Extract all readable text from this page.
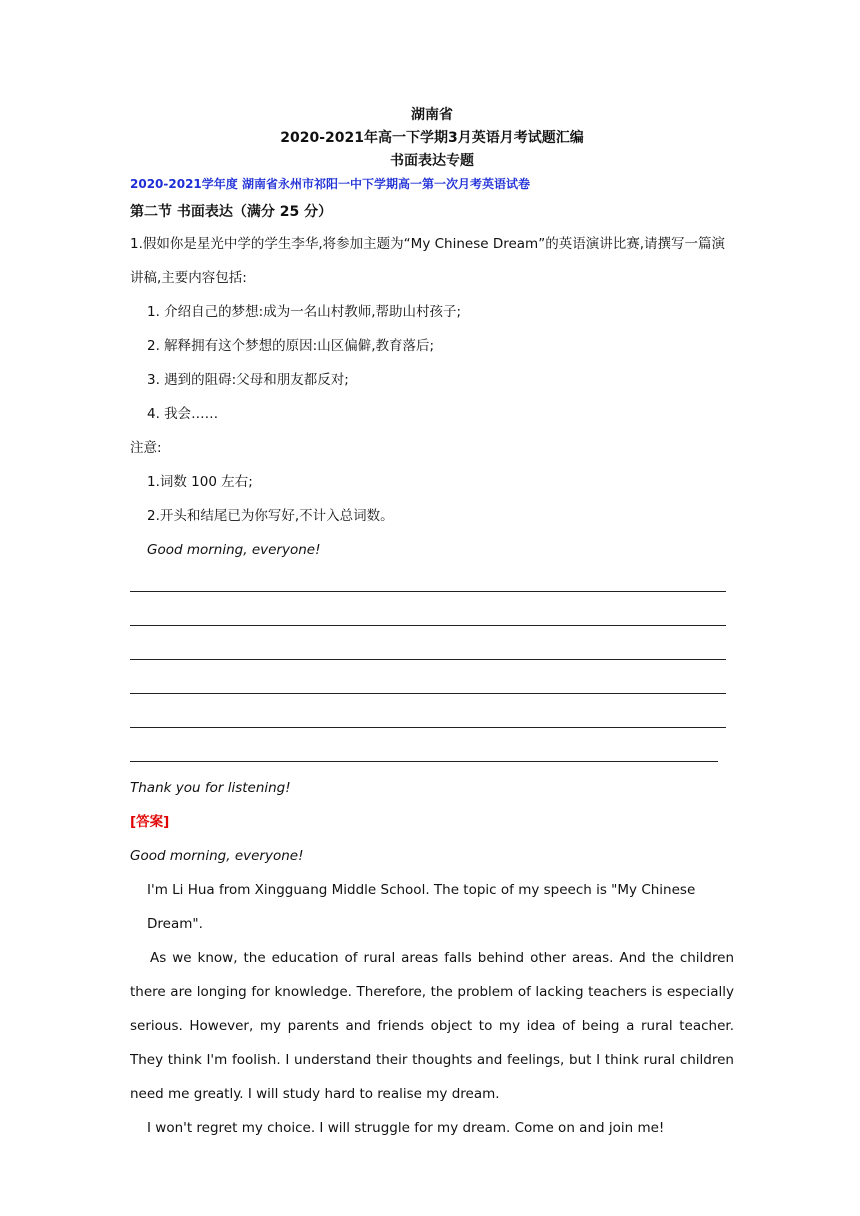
湖南省
2020-2021年高一下学期3月英语月考试题汇编
书面表达专题
2020-2021学年度 湖南省永州市祁阳一中下学期高一第一次月考英语试卷
第二节 书面表达（满分 25 分）
1.假如你是星光中学的学生李华,将参加主题为“My Chinese Dream”的英语演讲比赛,请撰写一篇演讲稿,主要内容包括:
1. 介绍自己的梦想:成为一名山村教师,帮助山村孩子;
2. 解释拥有这个梦想的原因:山区偏僻,教育落后;
3. 遇到的阻碍:父母和朋友都反对;
4. 我会……
注意:
1.词数 100 左右;
2.开头和结尾已为你写好,不计入总词数。
Good morning, everyone!
Thank you for listening!
[答案]
Good morning, everyone!
I'm Li Hua from Xingguang Middle School. The topic of my speech is "My Chinese Dream".
As we know, the education of rural areas falls behind other areas. And the children there are longing for knowledge. Therefore, the problem of lacking teachers is especially serious. However, my parents and friends object to my idea of being a rural teacher. They think I'm foolish. I understand their thoughts and feelings, but I think rural children need me greatly. I will study hard to realise my dream.
I won't regret my choice. I will struggle for my dream. Come on and join me!
